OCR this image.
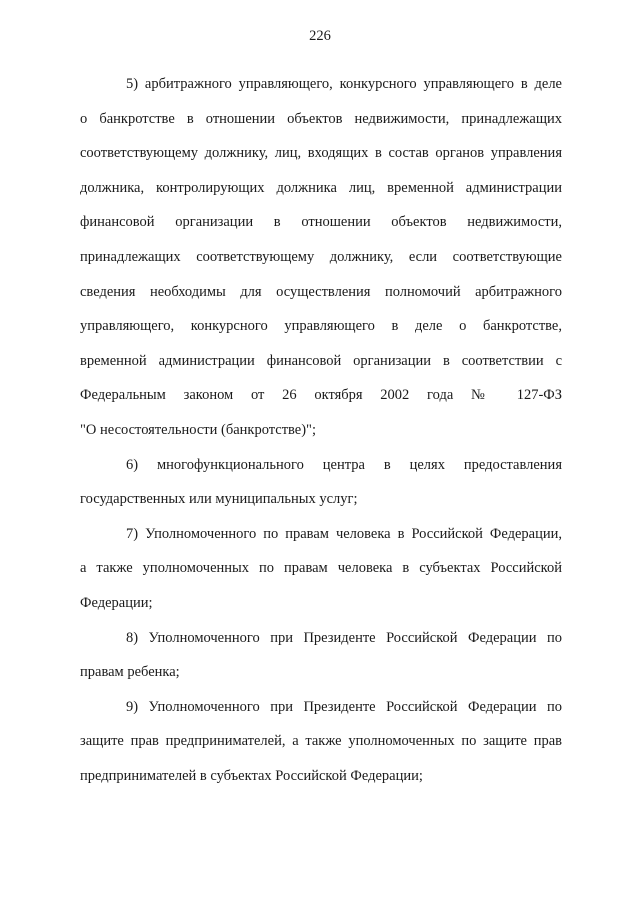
226
5) арбитражного управляющего, конкурсного управляющего в деле
о банкротстве в отношении объектов недвижимости, принадлежащих
соответствующему должнику, лиц, входящих в состав органов управления
должника, контролирующих должника лиц, временной администрации
финансовой организации в отношении объектов недвижимости,
принадлежащих соответствующему должнику, если соответствующие
сведения необходимы для осуществления полномочий арбитражного
управляющего, конкурсного управляющего в деле о банкротстве,
временной администрации финансовой организации в соответствии с
Федеральным законом от 26 октября 2002 года № 127-ФЗ
"О несостоятельности (банкротстве)";
6) многофункционального центра в целях предоставления
государственных или муниципальных услуг;
7) Уполномоченного по правам человека в Российской Федерации,
а также уполномоченных по правам человека в субъектах Российской
Федерации;
8) Уполномоченного при Президенте Российской Федерации по
правам ребенка;
9) Уполномоченного при Президенте Российской Федерации по
защите прав предпринимателей, а также уполномоченных по защите прав
предпринимателей в субъектах Российской Федерации;
